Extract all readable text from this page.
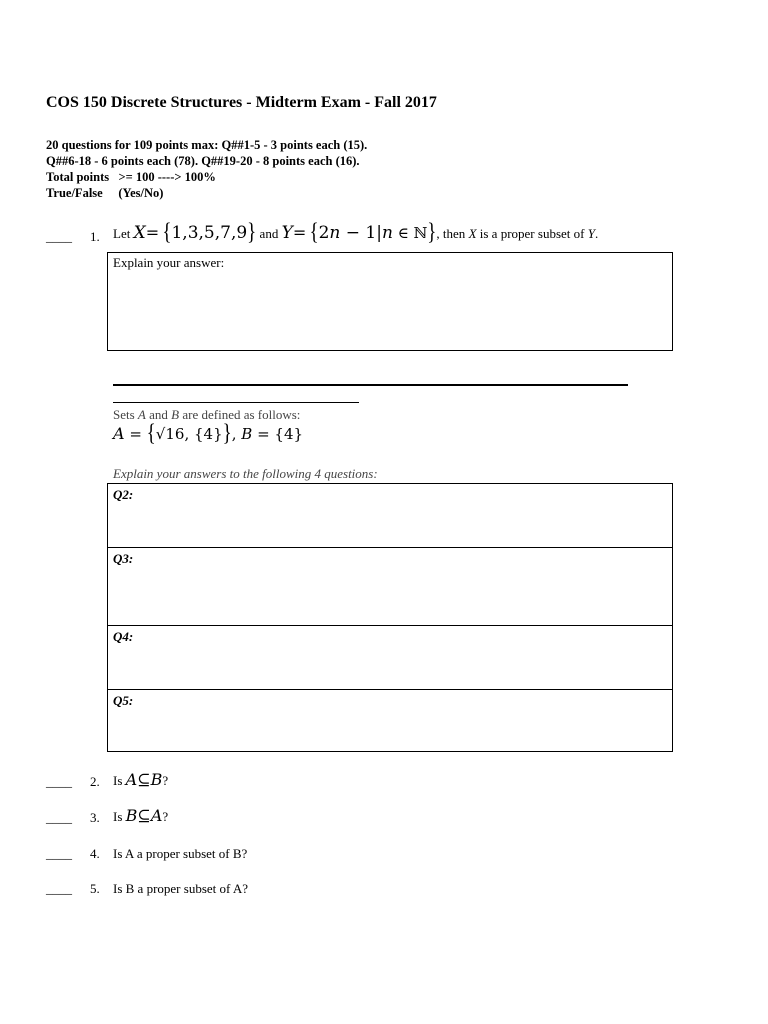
COS 150 Discrete Structures - Midterm Exam - Fall 2017
20 questions for 109 points max: Q##1-5 - 3 points each (15).
Q##6-18 - 6 points each (78). Q##19-20 - 8 points each (16).
Total points   >= 100 ----> 100%
True/False     (Yes/No)
____ 1. Let X= {1,3,5,7,9} and Y= {2n − 1|n ∈ ℕ}, then X is a proper subset of Y.
Explain your answer:
Sets A and B are defined as follows:
A = {√16, {4}}, B = {4}
Explain your answers to the following 4 questions:
Q2:
Q3:
Q4:
Q5:
____ 2. Is A⊆B?
____ 3. Is B⊆A?
____ 4. Is A a proper subset of B?
____ 5. Is B a proper subset of A?
